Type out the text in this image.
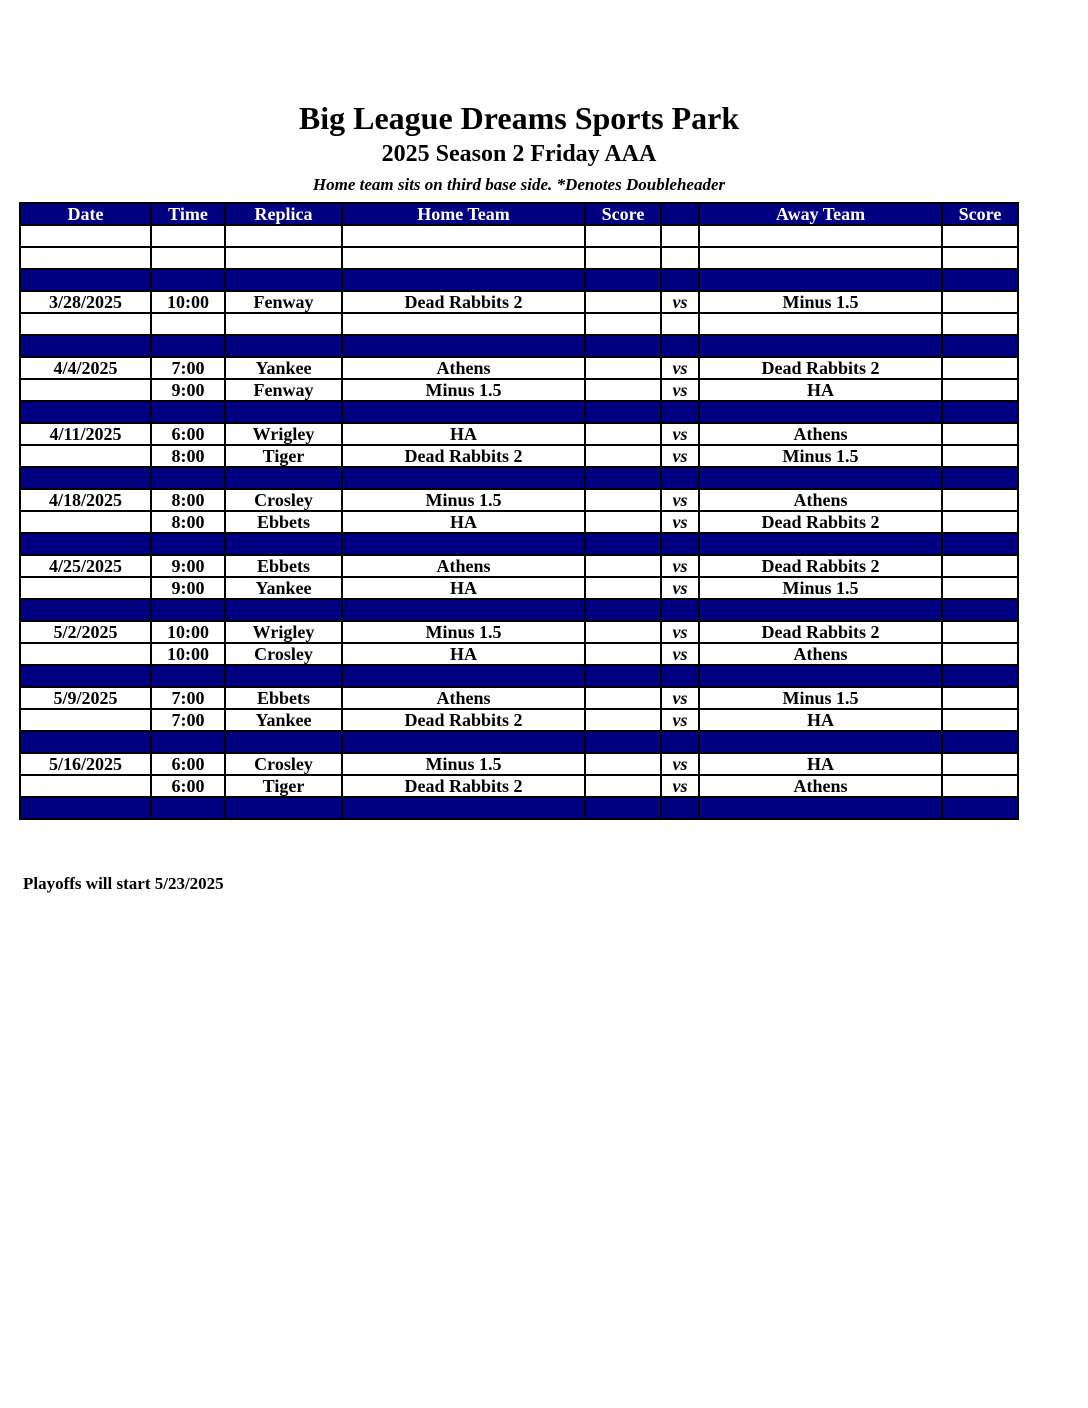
Big League Dreams Sports Park
2025 Season 2 Friday AAA
Home team sits on third base side. *Denotes Doubleheader
Date	Time	Replica	Home Team	Score		Away Team	Score

3/28/2025	10:00	Fenway	Dead Rabbits 2		vs	Minus 1.5	

4/4/2025	7:00	Yankee	Athens		vs	Dead Rabbits 2	
	9:00	Fenway	Minus 1.5		vs	HA	

4/11/2025	6:00	Wrigley	HA		vs	Athens	
	8:00	Tiger	Dead Rabbits 2		vs	Minus 1.5	

4/18/2025	8:00	Crosley	Minus 1.5		vs	Athens	
	8:00	Ebbets	HA		vs	Dead Rabbits 2	

4/25/2025	9:00	Ebbets	Athens		vs	Dead Rabbits 2	
	9:00	Yankee	HA		vs	Minus 1.5	

5/2/2025	10:00	Wrigley	Minus 1.5		vs	Dead Rabbits 2	
	10:00	Crosley	HA		vs	Athens	

5/9/2025	7:00	Ebbets	Athens		vs	Minus 1.5	
	7:00	Yankee	Dead Rabbits 2		vs	HA	

5/16/2025	6:00	Crosley	Minus 1.5		vs	HA	
	6:00	Tiger	Dead Rabbits 2		vs	Athens	

Playoffs will start 5/23/2025
